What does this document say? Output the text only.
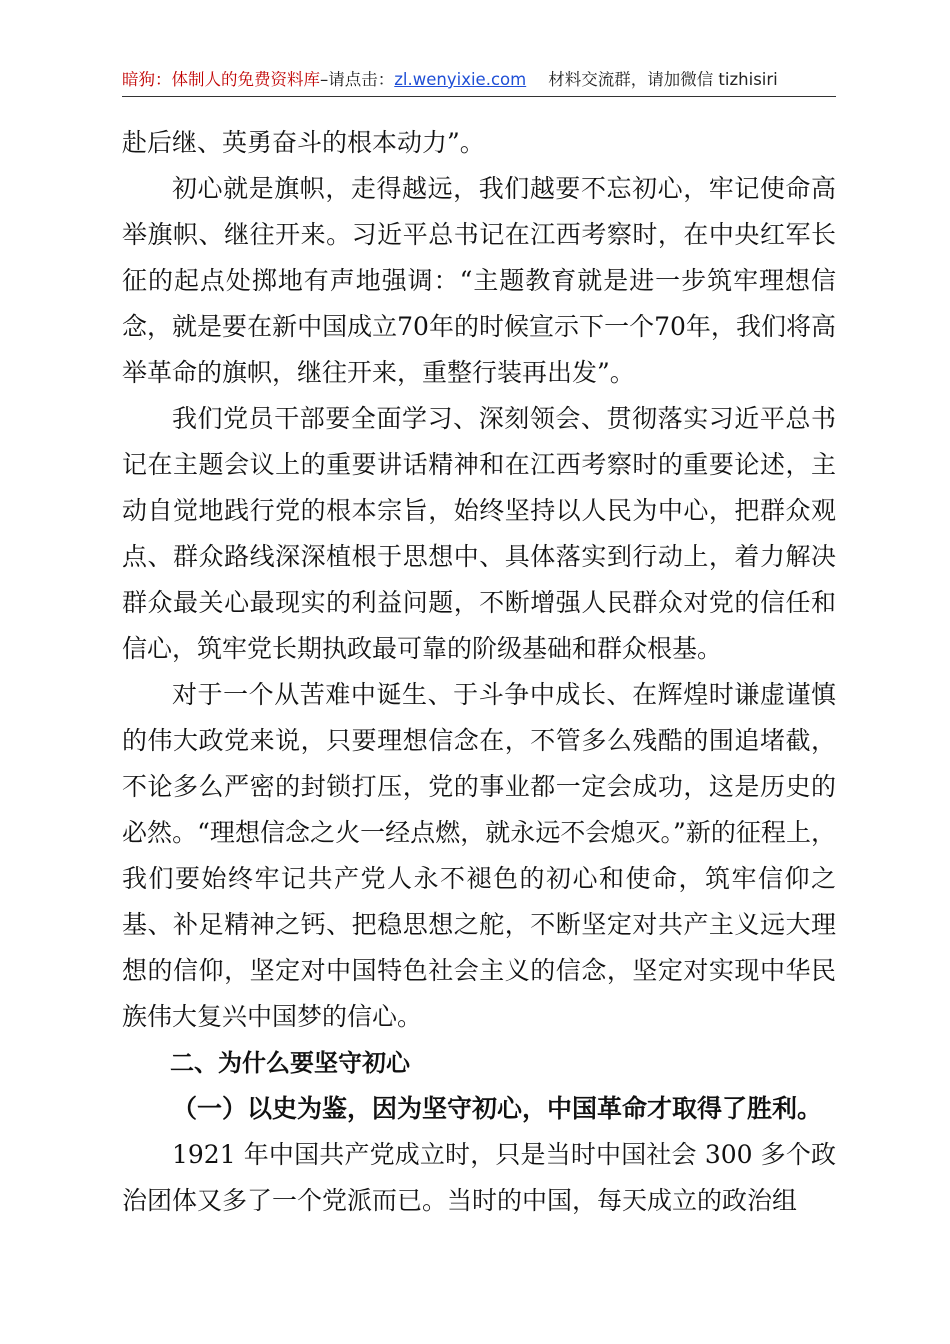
暗狗：体制人的免费资料库–请点击：zl.wenyixie.com 材料交流群，请加微信 tizhisiri

赴后继、英勇奋斗的根本动力”。

初心就是旗帜，走得越远，我们越要不忘初心，牢记使命高举旗帜、继往开来。习近平总书记在江西考察时，在中央红军长征的起点处掷地有声地强调：“主题教育就是进一步筑牢理想信念，就是要在新中国成立70年的时候宣示下一个70年，我们将高举革命的旗帜，继往开来，重整行装再出发”。

我们党员干部要全面学习、深刻领会、贯彻落实习近平总书记在主题会议上的重要讲话精神和在江西考察时的重要论述，主动自觉地践行党的根本宗旨，始终坚持以人民为中心，把群众观点、群众路线深深植根于思想中、具体落实到行动上，着力解决群众最关心最现实的利益问题，不断增强人民群众对党的信任和信心，筑牢党长期执政最可靠的阶级基础和群众根基。

对于一个从苦难中诞生、于斗争中成长、在辉煌时谦虚谨慎的伟大政党来说，只要理想信念在，不管多么残酷的围追堵截，不论多么严密的封锁打压，党的事业都一定会成功，这是历史的必然。“理想信念之火一经点燃，就永远不会熄灭。”新的征程上，我们要始终牢记共产党人永不褪色的初心和使命，筑牢信仰之基、补足精神之钙、把稳思想之舵，不断坚定对共产主义远大理想的信仰，坚定对中国特色社会主义的信念，坚定对实现中华民族伟大复兴中国梦的信心。

二、为什么要坚守初心

（一）以史为鉴，因为坚守初心，中国革命才取得了胜利。

1921 年中国共产党成立时，只是当时中国社会 300 多个政治团体又多了一个党派而已。当时的中国，每天成立的政治组
